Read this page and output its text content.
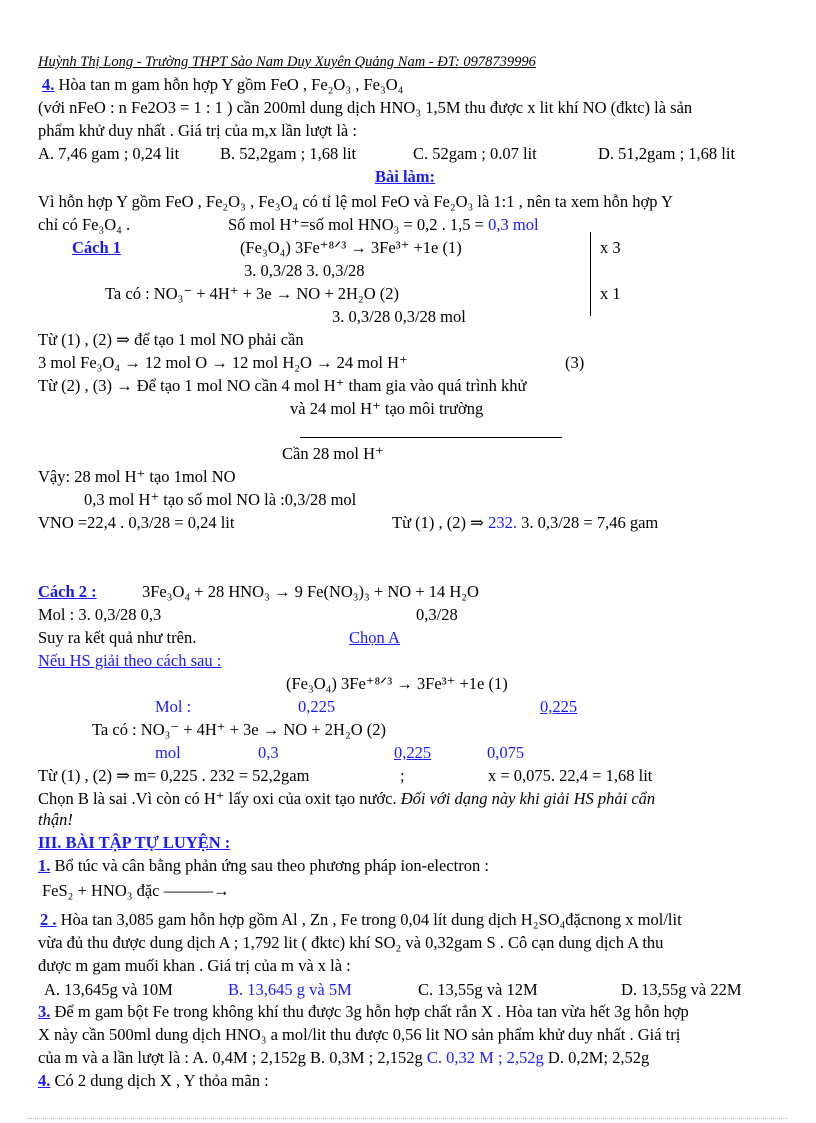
Huỳnh Thị Long - Trường THPT Sào Nam Duy Xuyên Quảng Nam - ĐT: 0978739996
4. Hòa tan m gam hỗn hợp Y gồm FeO , Fe₂O₃ , Fe₃O₄
(với nFeO : n Fe2O3 = 1 : 1 ) cần 200ml dung dịch HNO₃ 1,5M thu được x lit khí NO (đktc) là sản
phẩm khử duy nhất . Giá trị của m,x lần lượt là :
A. 7,46 gam ; 0,24 lit B. 52,2gam ; 1,68 lit	C. 52gam ; 0.07 lit	D. 51,2gam ; 1,68 lit
Bài làm:
Vì hỗn hợp Y gồm FeO , Fe₂O₃ , Fe₃O₄ có tỉ lệ mol FeO và Fe₂O₃ là 1:1 , nên ta xem hỗn hợp Y
chỉ có Fe₃O₄ .	Số mol H⁺=số mol HNO₃ = 0,2 . 1,5 = 0,3 mol
Cách 1	(Fe₃O₄) 3Fe⁺⁸ᐟ³ → 3Fe³⁺ +1e (1)	x 3
3. 0,3/28 3. 0,3/28
Ta có : NO₃⁻ + 4H⁺ + 3e → NO + 2H₂O (2)	x 1
3. 0,3/28 0,3/28 mol
Từ (1) , (2) ⇒ để tạo 1 mol NO phải cần
3 mol Fe₃O₄ → 12 mol O → 12 mol H₂O → 24 mol H⁺	(3)
Từ (2) , (3) → Để tạo 1 mol NO cần 4 mol H⁺ tham gia vào quá trình khử
và 24 mol H⁺ tạo môi trường
Cần 28 mol H⁺
Vậy: 28 mol H⁺ tạo 1mol NO
0,3 mol H⁺ tạo số mol NO là :0,3/28 mol
VNO =22,4 . 0,3/28 = 0,24 lit	Từ (1) , (2) ⇒ 232. 3. 0,3/28 = 7,46 gam
Cách 2 :	3Fe₃O₄ + 28 HNO₃ → 9 Fe(NO₃)₃ + NO + 14 H₂O
Mol : 3. 0,3/28 0,3	0,3/28
Suy ra kết quả như trên.	Chọn A
Nếu HS giải theo cách sau :
(Fe₃O₄) 3Fe⁺⁸ᐟ³ → 3Fe³⁺ +1e (1)
Mol :	0,225	0,225
Ta có : NO₃⁻ + 4H⁺ + 3e → NO + 2H₂O (2)
mol	0,3	0,225	0,075
Từ (1) , (2) ⇒ m= 0,225 . 232 = 52,2gam	;	x = 0,075. 22,4 = 1,68 lit
Chọn B là sai .Vì còn có H⁺ lấy oxi của oxit tạo nước. Đối với dạng này khi giải HS phải cẩn
thận!
III. BÀI TẬP TỰ LUYỆN :
1. Bổ túc và cân bằng phản ứng sau theo phương pháp ion-electron :
FeS₂ + HNO₃ đặc ———→
2 . Hòa tan 3,085 gam hỗn hợp gồm Al , Zn , Fe trong 0,04 lít dung dịch H₂SO₄đặcnong x mol/lit
vừa đủ thu được dung dịch A ; 1,792 lit ( đktc) khí SO₂ và 0,32gam S . Cô cạn dung dịch A thu
được m gam muối khan . Giá trị của m và x là :
A. 13,645g và 10M	B. 13,645 g và 5M	C. 13,55g và 12M	D. 13,55g và 22M
3. Để m gam bột Fe trong không khí thu được 3g hỗn hợp chất rắn X . Hòa tan vừa hết 3g hỗn hợp
X này cần 500ml dung dịch HNO₃ a mol/lit thu được 0,56 lit NO sản phẩm khử duy nhất . Giá trị
của m và a lần lượt là : A. 0,4M ; 2,152g B. 0,3M ; 2,152g C. 0,32 M ; 2,52g D. 0,2M; 2,52g
4. Có 2 dung dịch X , Y thỏa mãn :
